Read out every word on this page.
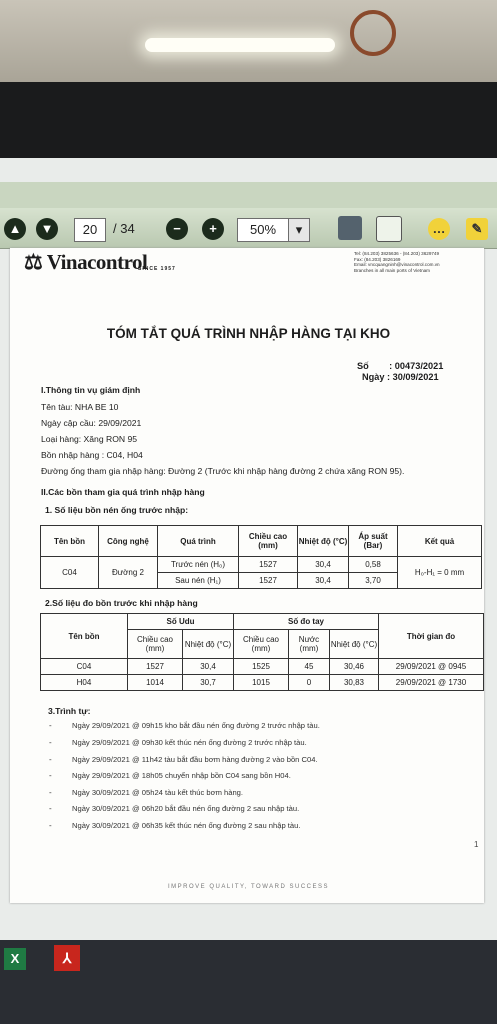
▲	▼	20	/ 34	−	+	50%	▾	…	✎
⚖ Vinacontrol
SINCE 1957
Tel: (84.203) 3825636 - (84.203) 3629749
Fax: (84.203) 3826169
Email: vncquangninh@vinacontrol.com.vn
Branches in all main ports of Vietnam
TÓM TẮT QUÁ TRÌNH NHẬP HÀNG TẠI KHO
Số : 00473/2021
Ngày : 30/09/2021
I.Thông tin vụ giám định
Tên tàu: NHA BE 10
Ngày cập cầu: 29/09/2021
Loại hàng: Xăng RON 95
Bồn nhập hàng : C04, H04
Đường ống tham gia nhập hàng: Đường 2 (Trước khi nhập hàng đường 2 chứa xăng RON 95).
II.Các bồn tham gia quá trình nhập hàng
1. Số liệu bồn nén ống trước nhập:
Tên bồn	Công nghệ	Quá trình	Chiều cao (mm)	Nhiệt độ (°C)	Áp suất (Bar)	Kết quả
C04	Đường 2	Trước nén (H₀)	1527	30,4	0,58	H₀-H₁ = 0 mm
		Sau nén (H₁)	1527	30,4	3,70	
2.Số liệu đo bồn trước khi nhập hàng
Tên bồn	Số Udu		Số đo tay			Thời gian đo
	Chiều cao (mm)	Nhiệt độ (°C)	Chiều cao (mm)	Nước (mm)	Nhiệt độ (°C)	
C04	1527	30,4	1525	45	30,46	29/09/2021 @ 0945
H04	1014	30,7	1015	0	30,83	29/09/2021 @ 1730
3.Trình tự:
-	Ngày 29/09/2021 @ 09h15 kho bắt đầu nén ống đường 2 trước nhập tàu.
-	Ngày 29/09/2021 @ 09h30 kết thúc nén ống đường 2 trước nhập tàu.
-	Ngày 29/09/2021 @ 11h42 tàu bắt đầu bơm hàng đường 2 vào bồn C04.
-	Ngày 29/09/2021 @ 18h05 chuyển nhập bồn C04 sang bồn H04.
-	Ngày 30/09/2021 @ 05h24 tàu kết thúc bơm hàng.
-	Ngày 30/09/2021 @ 06h20 bắt đầu nén ống đường 2 sau nhập tàu.
-	Ngày 30/09/2021 @ 06h35 kết thúc nén ống đường 2 sau nhập tàu.
1
IMPROVE QUALITY, TOWARD SUCCESS
X	⅄
